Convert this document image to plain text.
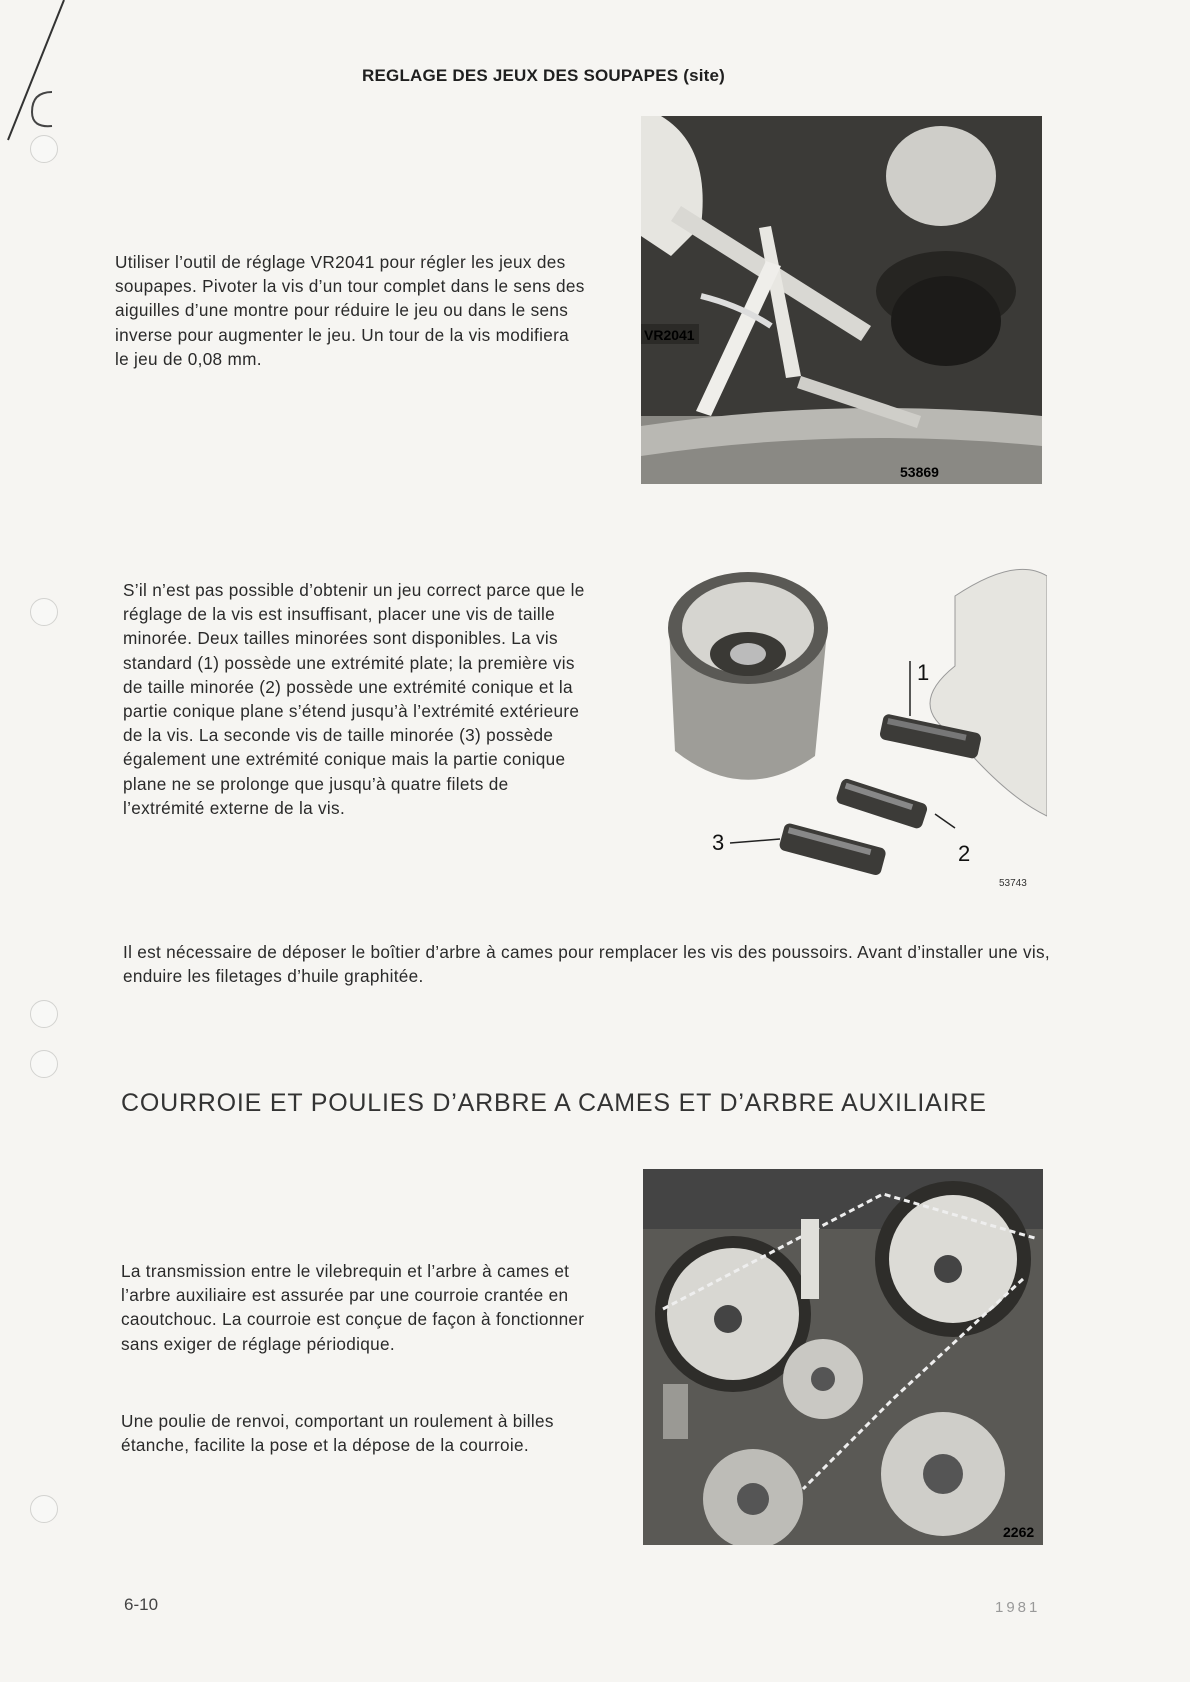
REGLAGE DES JEUX DES SOUPAPES (site)
Utiliser l’outil de réglage VR2041 pour régler les jeux des soupapes. Pivoter la vis d’un tour complet dans le sens des aiguilles d’une montre pour réduire le jeu ou dans le sens inverse pour augmenter le jeu. Un tour de la vis modifiera le jeu de 0,08 mm.
VR2041
53869
S’il n’est pas possible d’obtenir un jeu correct parce que le réglage de la vis est insuffisant, placer une vis de taille minorée. Deux tailles minorées sont disponibles. La vis standard (1) possède une extrémité plate; la première vis de taille minorée (2) possède une extrémité conique et la partie conique plane s’étend jusqu’à l’extrémité extérieure de la vis. La seconde vis de taille minorée (3) possède également une extrémité conique mais la partie conique plane ne se prolonge que jusqu’à quatre filets de l’extrémité externe de la vis.
1
2
3
53743
Il est nécessaire de déposer le boîtier d’arbre à cames pour remplacer les vis des poussoirs. Avant d’installer une vis, enduire les filetages d’huile graphitée.
COURROIE ET POULIES D’ARBRE A CAMES ET D’ARBRE AUXILIAIRE
La transmission entre le vilebrequin et l’arbre à cames et l’arbre auxiliaire est assurée par une courroie crantée en caoutchouc. La courroie est conçue de façon à fonctionner sans exiger de réglage périodique.
Une poulie de renvoi, comportant un roulement à billes étanche, facilite la pose et la dépose de la courroie.
2262
6-10	1981
